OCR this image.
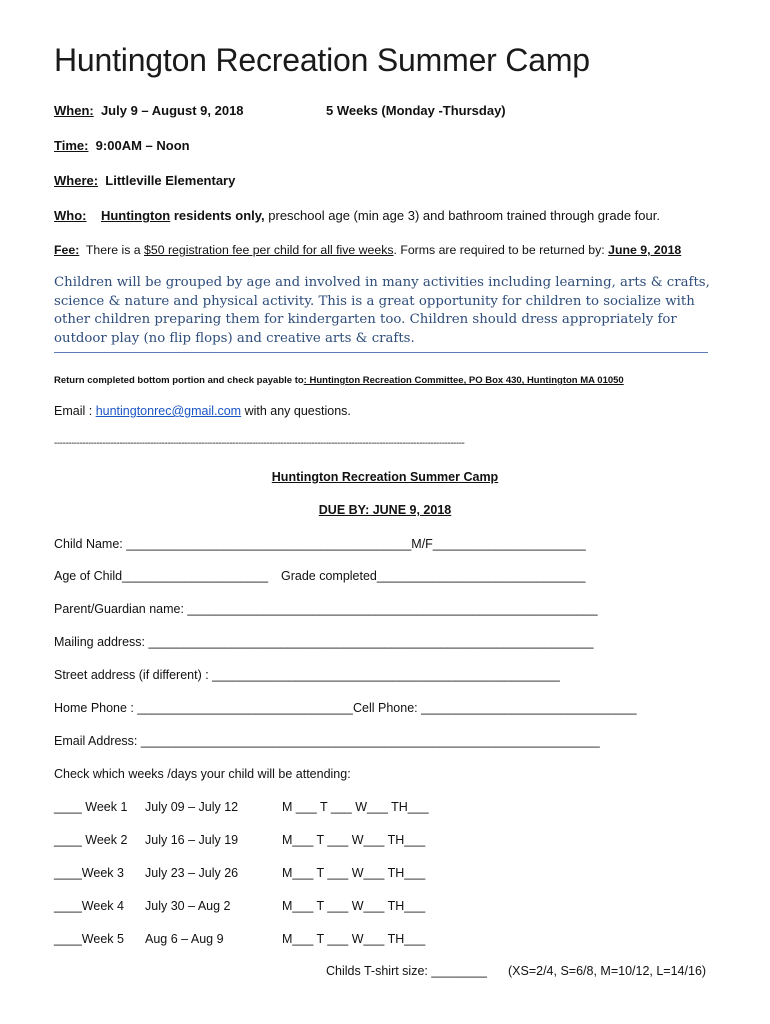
Huntington Recreation Summer Camp
When: July 9 – August 9, 2018	5 Weeks (Monday -Thursday)
Time: 9:00AM – Noon
Where: Littleville Elementary
Who: Huntington residents only, preschool age (min age 3) and bathroom trained through grade four.
Fee: There is a $50 registration fee per child for all five weeks. Forms are required to be returned by: June 9, 2018
Children will be grouped by age and involved in many activities including learning, arts & crafts, science & nature and physical activity. This is a great opportunity for children to socialize with other children preparing them for kindergarten too. Children should dress appropriately for outdoor play (no flip flops) and creative arts & crafts.
Return completed bottom portion and check payable to: Huntington Recreation Committee, PO Box 430, Huntington MA 01050
Email : huntingtonrec@gmail.com with any questions.
-------------------------------------------------------------------------------------------------------------------------------------------------
Huntington Recreation Summer Camp
DUE BY: JUNE 9, 2018
Child Name: _________________________________________M/F______________________
Age of Child_____________________ Grade completed______________________________
Parent/Guardian name: ___________________________________________________________
Mailing address: ________________________________________________________________
Street address (if different) : __________________________________________________
Home Phone : _______________________________ Cell Phone: _______________________________
Email Address: __________________________________________________________________
Check which weeks /days your child will be attending:
____ Week 1 July 09 – July 12	M ___ T ___ W___ TH___
____ Week 2 July 16 – July 19	M___ T ___ W___ TH___
____Week 3 July 23 – July 26	M___ T ___ W___ TH___
____Week 4 July 30 – Aug 2	M___ T ___ W___ TH___
____Week 5 Aug 6 – Aug 9	M___ T ___ W___ TH___
Childs T-shirt size: ________ (XS=2/4, S=6/8, M=10/12, L=14/16)
